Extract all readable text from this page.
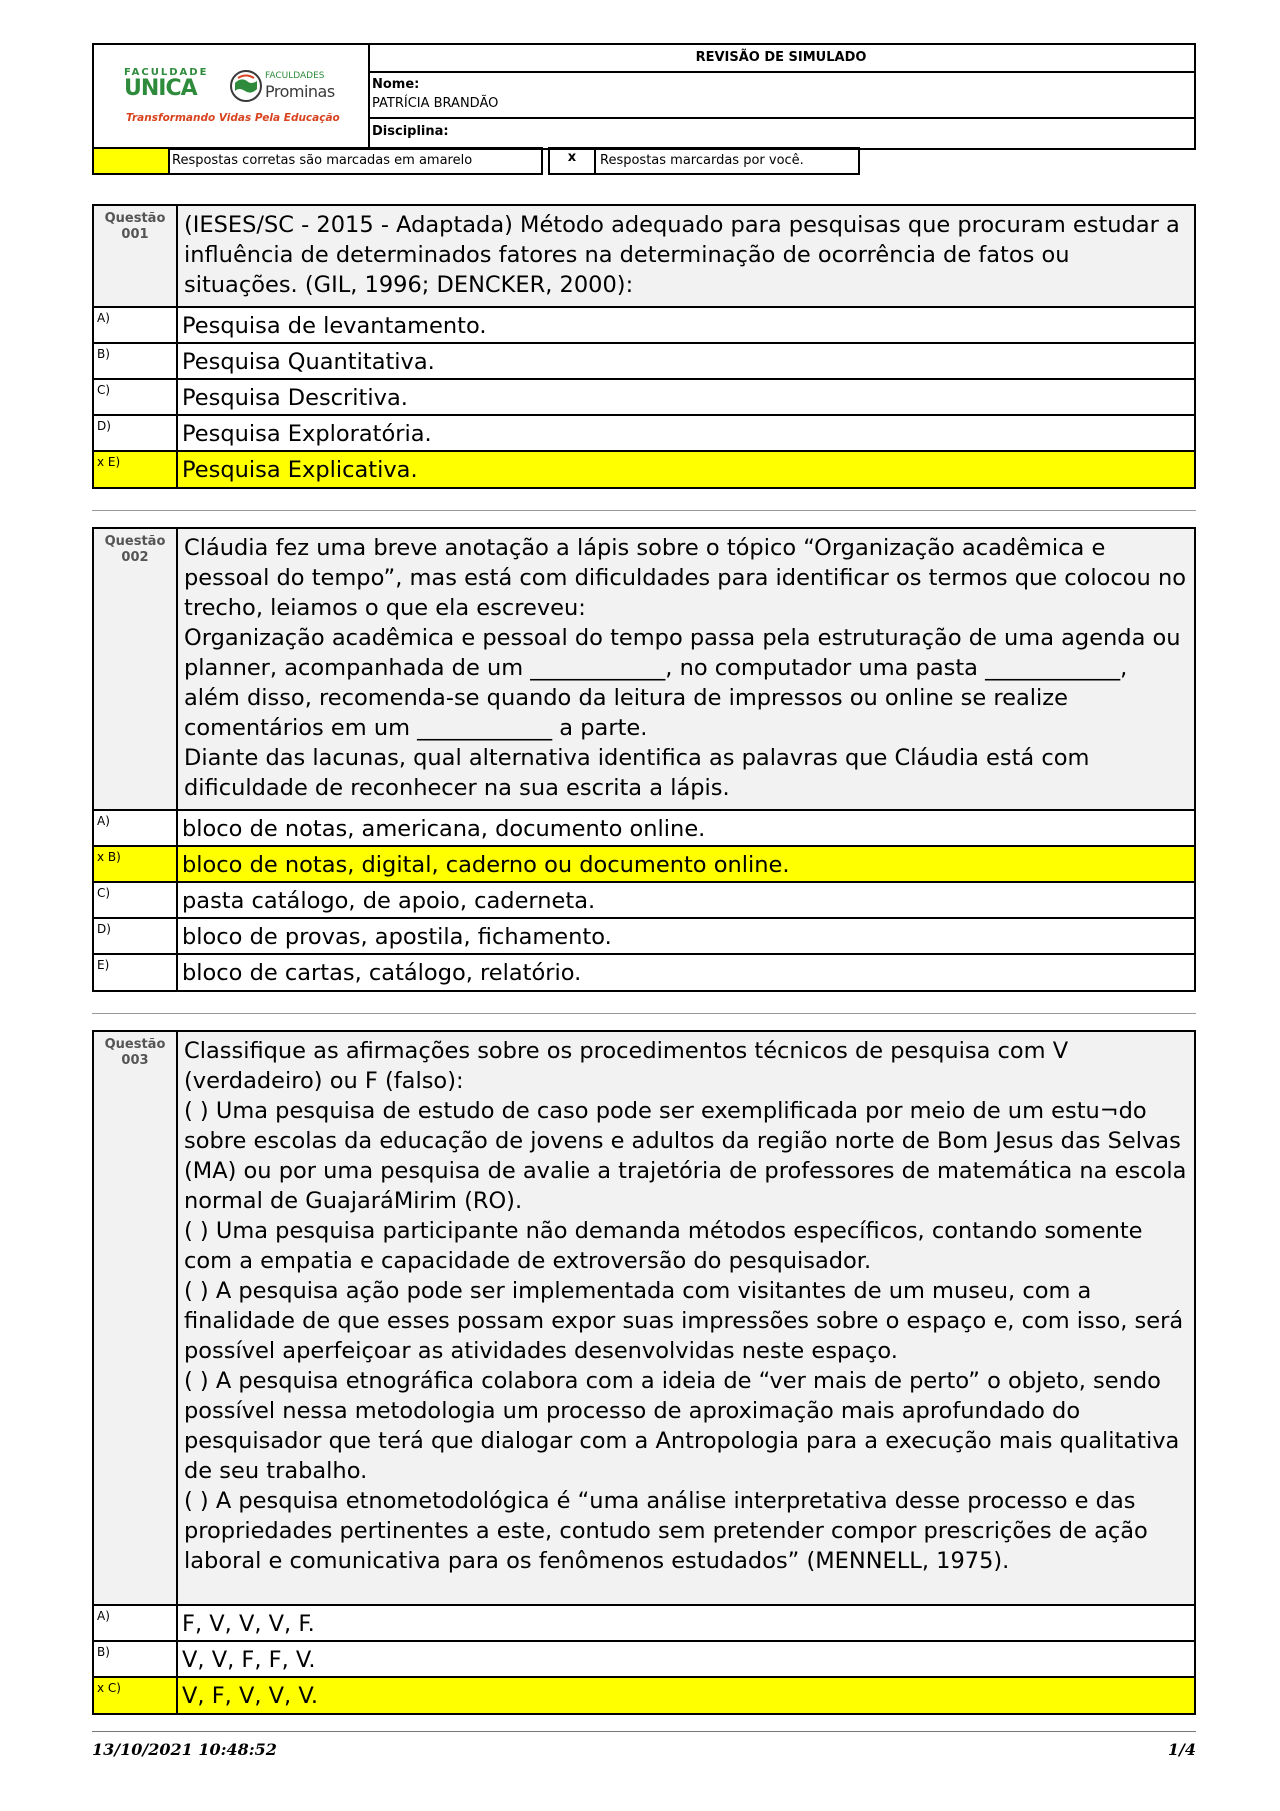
FACULDADE
UNICA	FACULDADES
Prominas
Transformando Vidas Pela Educação
REVISÃO DE SIMULADO
Nome:
PATRÍCIA BRANDÃO
Disciplina:
Respostas corretas são marcadas em amarelo	x	Respostas marcardas por você.
Questão
001	(IESES/SC - 2015 - Adaptada) Método adequado para pesquisas que procuram estudar a influência de determinados fatores na determinação de ocorrência de fatos ou situações. (GIL, 1996; DENCKER, 2000):

A)	Pesquisa de levantamento.
B)	Pesquisa Quantitativa.
C)	Pesquisa Descritiva.
D)	Pesquisa Exploratória.
x E)	Pesquisa Explicativa.
Questão
002	Cláudia fez uma breve anotação a lápis sobre o tópico “Organização acadêmica e pessoal do tempo”, mas está com dificuldades para identificar os termos que colocou no trecho, leiamos o que ela escreveu:

Organização acadêmica e pessoal do tempo passa pela estruturação de uma agenda ou planner, acompanhada de um ____________, no computador uma pasta ____________, além disso, recomenda-se quando da leitura de impressos ou online se realize comentários em um ____________ a parte.

Diante das lacunas, qual alternativa identifica as palavras que Cláudia está com dificuldade de reconhecer na sua escrita a lápis.

A)	bloco de notas, americana, documento online.
x B)	bloco de notas, digital, caderno ou documento online.
C)	pasta catálogo, de apoio, caderneta.
D)	bloco de provas, apostila, fichamento.
E)	bloco de cartas, catálogo, relatório.
Questão
003	Classifique as afirmações sobre os procedimentos técnicos de pesquisa com V (verdadeiro) ou F (falso):

( ) Uma pesquisa de estudo de caso pode ser exemplificada por meio de um estu¬do sobre escolas da educação de jovens e adultos da região norte de Bom Jesus das Selvas (MA) ou por uma pesquisa de avalie a trajetória de professores de matemática na escola normal de GuajaráMirim (RO).

( ) Uma pesquisa participante não demanda métodos específicos, contando somente com a empatia e capacidade de extroversão do pesquisador.

( ) A pesquisa ação pode ser implementada com visitantes de um museu, com a finalidade de que esses possam expor suas impressões sobre o espaço e, com isso, será possível aperfeiçoar as atividades desenvolvidas neste espaço.

( ) A pesquisa etnográfica colabora com a ideia de “ver mais de perto” o objeto, sendo possível nessa metodologia um processo de aproximação mais aprofundado do pesquisador que terá que dialogar com a Antropologia para a execução mais qualitativa de seu trabalho.

( ) A pesquisa etnometodológica é “uma análise interpretativa desse processo e das propriedades pertinentes a este, contudo sem pretender compor prescrições de ação laboral e comunicativa para os fenômenos estudados” (MENNELL, 1975).

A)	F, V, V, V, F.
B)	V, V, F, F, V.
x C)	V, F, V, V, V.
13/10/2021 10:48:52	1/4
